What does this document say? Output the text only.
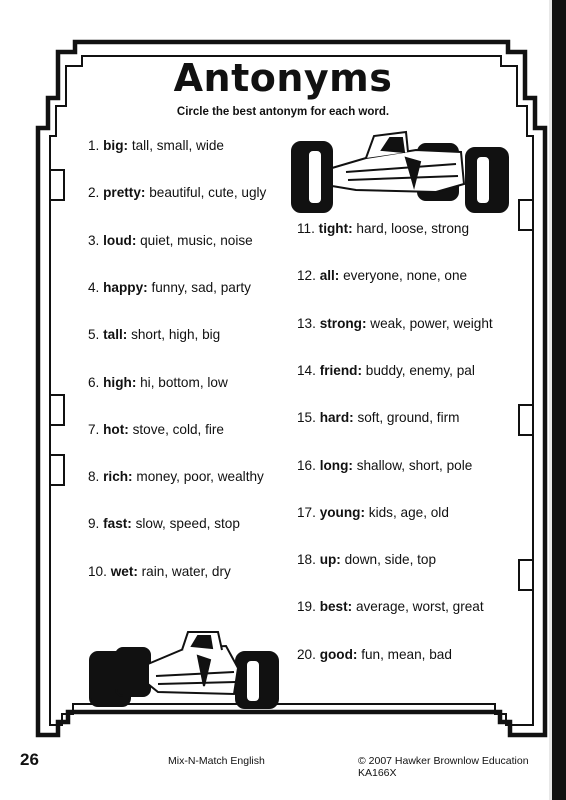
Antonyms
Circle the best antonym for each word.
1. big: tall, small, wide
2. pretty: beautiful, cute, ugly
3. loud: quiet, music, noise
4. happy: funny, sad, party
5. tall: short, high, big
6. high: hi, bottom, low
7. hot: stove, cold, fire
8. rich: money, poor, wealthy
9. fast: slow, speed, stop
10. wet: rain, water, dry
11. tight: hard, loose, strong
12. all: everyone, none, one
13. strong: weak, power, weight
14. friend: buddy, enemy, pal
15. hard: soft, ground, firm
16. long: shallow, short, pole
17. young: kids, age, old
18. up: down, side, top
19. best: average, worst, great
20. good: fun, mean, bad
26	Mix-N-Match English	© 2007 Hawker Brownlow Education KA166X
